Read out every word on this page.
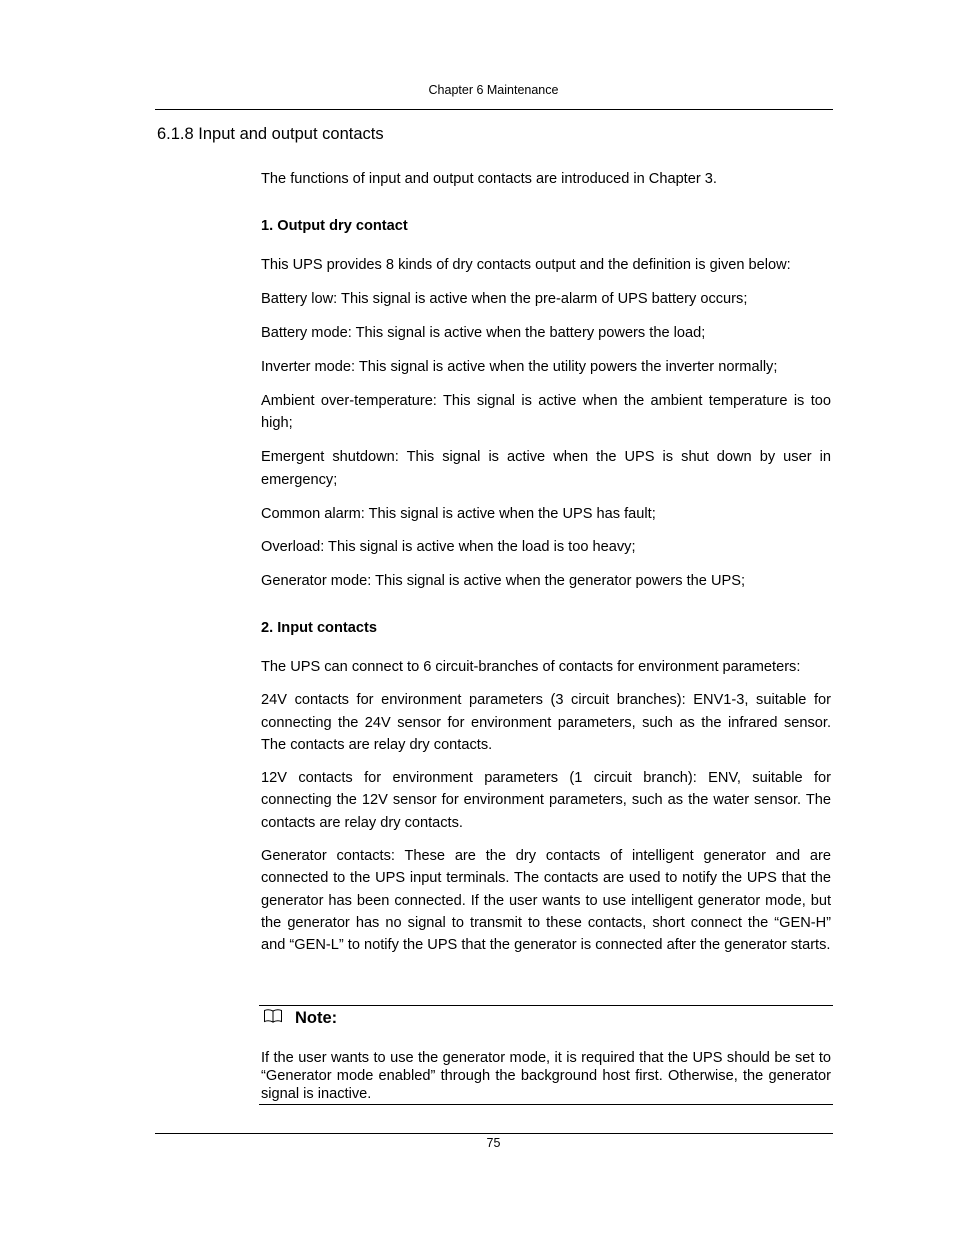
Chapter 6 Maintenance
6.1.8 Input and output contacts

The functions of input and output contacts are introduced in Chapter 3.

1. Output dry contact

This UPS provides 8 kinds of dry contacts output and the definition is given below:

Battery low: This signal is active when the pre-alarm of UPS battery occurs;

Battery mode: This signal is active when the battery powers the load;

Inverter mode: This signal is active when the utility powers the inverter normally;

Ambient over-temperature: This signal is active when the ambient temperature is too high;

Emergent shutdown: This signal is active when the UPS is shut down by user in emergency;

Common alarm: This signal is active when the UPS has fault;

Overload: This signal is active when the load is too heavy;

Generator mode: This signal is active when the generator powers the UPS;

2. Input contacts

The UPS can connect to 6 circuit-branches of contacts for environment parameters:

24V contacts for environment parameters (3 circuit branches): ENV1-3, suitable for connecting the 24V sensor for environment parameters, such as the infrared sensor. The contacts are relay dry contacts.

12V contacts for environment parameters (1 circuit branch): ENV, suitable for connecting the 12V sensor for environment parameters, such as the water sensor. The contacts are relay dry contacts.

Generator contacts: These are the dry contacts of intelligent generator and are connected to the UPS input terminals. The contacts are used to notify the UPS that the generator has been connected. If the user wants to use intelligent generator mode, but the generator has no signal to transmit to these contacts, short connect the “GEN-H” and “GEN-L” to notify the UPS that the generator is connected after the generator starts.

Note:
If the user wants to use the generator mode, it is required that the UPS should be set to “Generator mode enabled” through the background host first. Otherwise, the generator signal is inactive.
75
